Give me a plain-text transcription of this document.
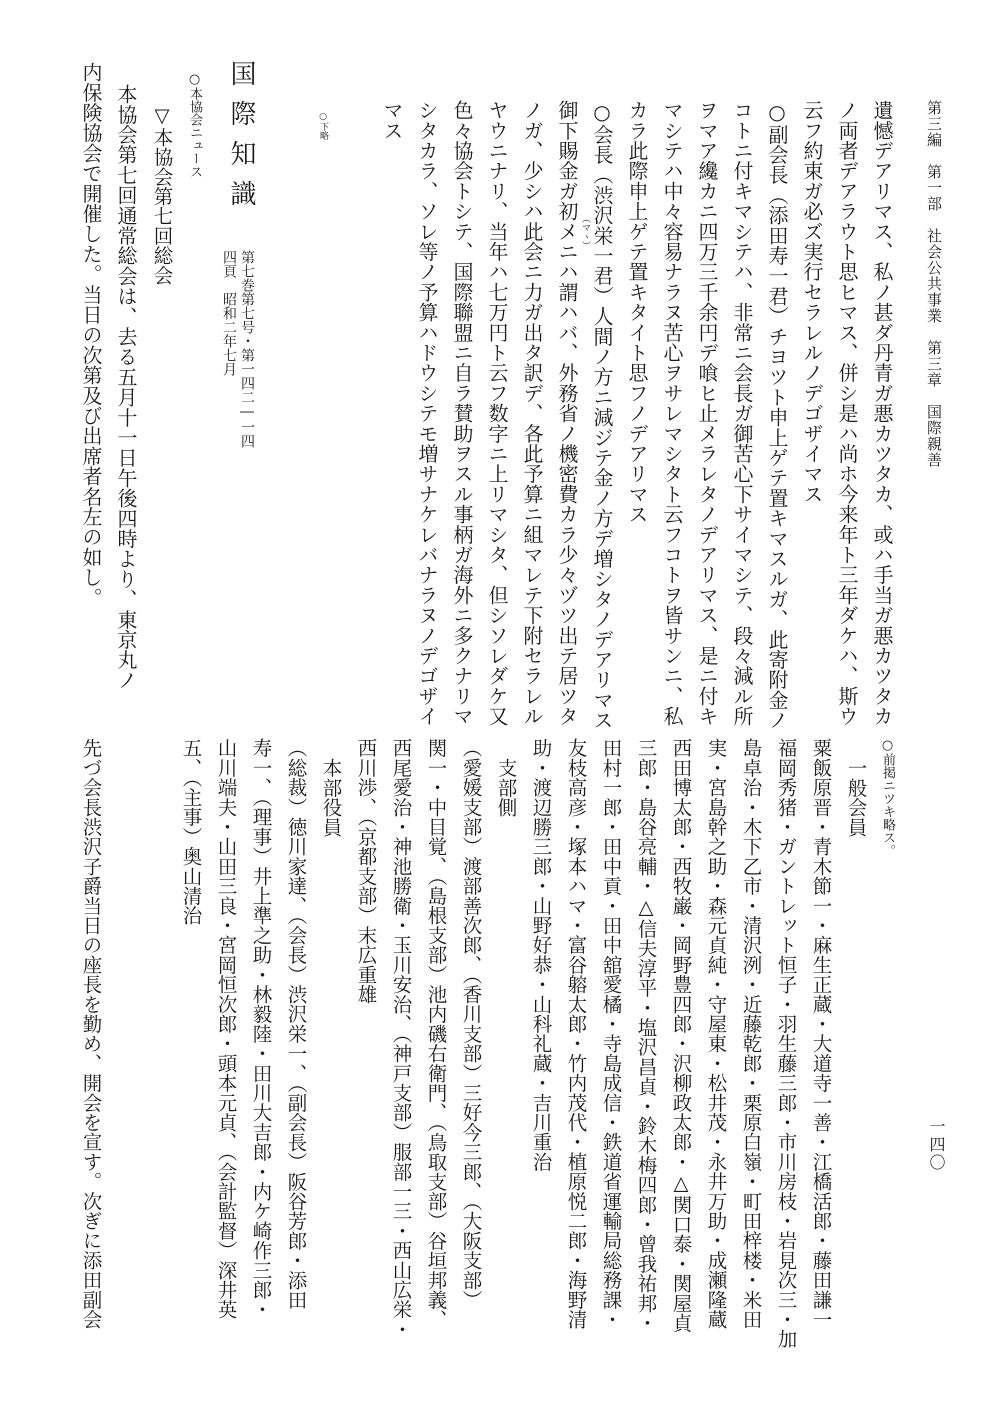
第三編　第一部　社会公共事業　第三章　国際親善
一四〇
遺憾デアリマス、私ノ甚ダ丹青ガ悪カツタカ、或ハ手当ガ悪カツタカ
ノ両者デアラウト思ヒマス、併シ是ハ尚ホ今来年ト三年ダケハ、斯ウ
云フ約束ガ必ズ実行セラレルノデゴザイマス
○副会長（添田寿一君）チヨツト申上ゲテ置キマスルガ、此寄附金ノ
コトニ付キマシテハ、非常ニ会長ガ御苦心下サイマシテ、段々減ル所
ヲマア纔カニ四万三千余円デ喰ヒ止メラレタノデアリマス、是ニ付キ
マシテハ中々容易ナラヌ苦心ヲサレマシタト云フコトヲ皆サンニ、私
カラ此際申上ゲテ置キタイト思フノデアリマス
○会長（渋沢栄一君）人間ノ方ニ減ジテ金ノ方デ増シタノデアリマス
（マヽ）
御下賜金ガ初メニハ謂ハバ、外務省ノ機密費カラ少々ヅツ出テ居ツタ
ノガ、少シハ此会ニ力ガ出タ訳デ、各此予算ニ組マレテ下附セラレル
ヤウニナリ、当年ハ七万円ト云フ数字ニ上リマシタ、但シソレダケ又
色々協会トシテ、国際聯盟ニ自ラ賛助ヲスル事柄ガ海外ニ多クナリマ
シタカラ、ソレ等ノ予算ハドウシテモ増サナケレバナラヌノデゴザイ
マス
○下略
国際知識
第七巻第七号・第一四二―一四四頁　昭和二年七月
○本協会ニュース
▽本協会第七回総会
本協会第七回通常総会は、去る五月十一日午後四時より、東京丸ノ
内保険協会で開催した。当日の次第及び出席者名左の如し。
○前掲ニツキ略ス。
一般会員
粟飯原晋・青木節一・麻生正蔵・大道寺一善・江橋活郎・藤田謙一
福岡秀猪・ガントレット恒子・羽生藤三郎・市川房枝・岩見次三・加
島卓治・木下乙市・清沢洌・近藤乾郎・栗原白嶺・町田梓楼・米田
実・宮島幹之助・森元貞純・守屋東・松井茂・永井万助・成瀬隆蔵
西田博太郎・西牧巌・岡野豊四郎・沢柳政太郎・△関口泰・関屋貞
三郎・島谷亮輔・△信夫淳平・塩沢昌貞・鈴木梅四郎・曾我祐邦・
田村一郎・田中貢・田中舘愛橘・寺島成信・鉄道省運輸局総務課・
友枝高彦・塚本ハマ・富谷𨉷太郎・竹内茂代・植原悦二郎・海野清
助・渡辺勝三郎・山野好恭・山科礼蔵・吉川重治
支部側
（愛媛支部）渡部善次郎、（香川支部）三好今三郎、（大阪支部）
関一・中目覚、（島根支部）池内磯右衛門、（鳥取支部）谷垣邦義、
西尾愛治・神池勝衛・玉川安治、（神戸支部）服部一三・西山広栄・
西川渉、（京都支部）末広重雄
本部役員
（総裁）徳川家達、（会長）渋沢栄一、（副会長）阪谷芳郎・添田
寿一、（理事）井上準之助・林毅陸・田川大吉郎・内ケ崎作三郎・
山川端夫・山田三良・宮岡恒次郎・頭本元貞、（会計監督）深井英
五、（主事）奥山清治
先づ会長渋沢子爵当日の座長を勤め、開会を宣す。次ぎに添田副会
